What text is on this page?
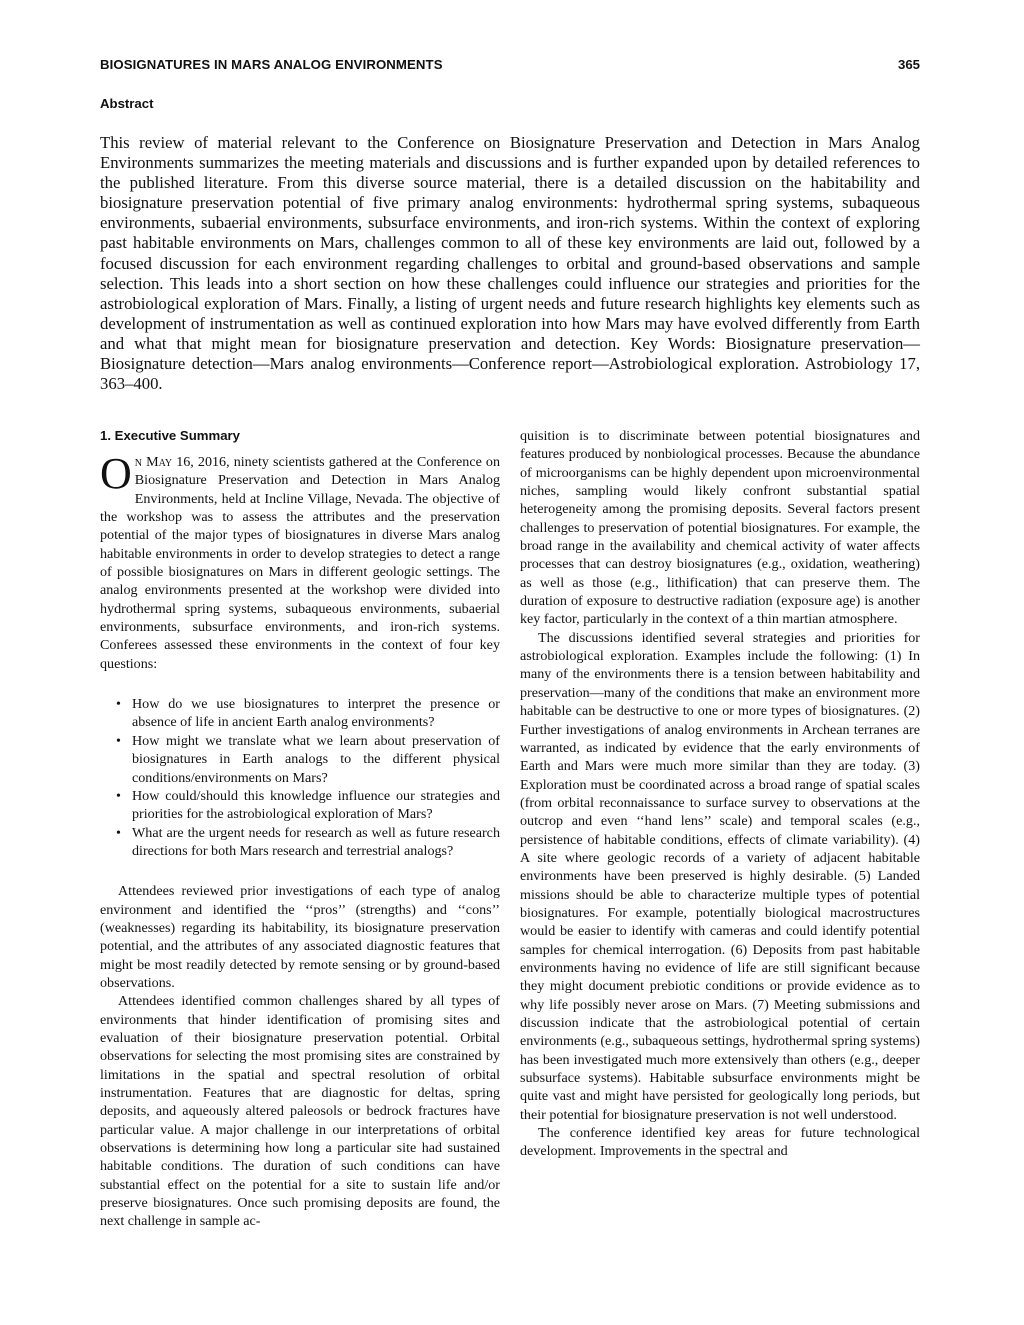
BIOSIGNATURES IN MARS ANALOG ENVIRONMENTS	365
Abstract
This review of material relevant to the Conference on Biosignature Preservation and Detection in Mars Analog Environments summarizes the meeting materials and discussions and is further expanded upon by detailed references to the published literature. From this diverse source material, there is a detailed discussion on the habitability and biosignature preservation potential of five primary analog environments: hydrothermal spring systems, subaqueous environments, subaerial environments, subsurface environments, and iron-rich systems. Within the context of exploring past habitable environments on Mars, challenges common to all of these key environments are laid out, followed by a focused discussion for each environment regarding challenges to orbital and ground-based observations and sample selection. This leads into a short section on how these challenges could influence our strategies and priorities for the astrobiological exploration of Mars. Finally, a listing of urgent needs and future research highlights key elements such as development of instrumentation as well as continued exploration into how Mars may have evolved differently from Earth and what that might mean for biosignature preservation and detection. Key Words: Biosignature preservation—Biosignature detection—Mars analog environments—Conference report—Astrobiological exploration. Astrobiology 17, 363–400.
1. Executive Summary

On May 16, 2016, ninety scientists gathered at the Conference on Biosignature Preservation and Detection in Mars Analog Environments, held at Incline Village, Nevada. The objective of the workshop was to assess the attributes and the preservation potential of the major types of biosignatures in diverse Mars analog habitable environments in order to develop strategies to detect a range of possible biosignatures on Mars in different geologic settings. The analog environments presented at the workshop were divided into hydrothermal spring systems, subaqueous environments, subaerial environments, subsurface environments, and iron-rich systems. Conferees assessed these environments in the context of four key questions:

• How do we use biosignatures to interpret the presence or absence of life in ancient Earth analog environments?
• How might we translate what we learn about preservation of biosignatures in Earth analogs to the different physical conditions/environments on Mars?
• How could/should this knowledge influence our strategies and priorities for the astrobiological exploration of Mars?
• What are the urgent needs for research as well as future research directions for both Mars research and terrestrial analogs?

Attendees reviewed prior investigations of each type of analog environment and identified the ‘‘pros’’ (strengths) and ‘‘cons’’ (weaknesses) regarding its habitability, its biosignature preservation potential, and the attributes of any associated diagnostic features that might be most readily detected by remote sensing or by ground-based observations.

Attendees identified common challenges shared by all types of environments that hinder identification of promising sites and evaluation of their biosignature preservation potential. Orbital observations for selecting the most promising sites are constrained by limitations in the spatial and spectral resolution of orbital instrumentation. Features that are diagnostic for deltas, spring deposits, and aqueously altered paleosols or bedrock fractures have particular value. A major challenge in our interpretations of orbital observations is determining how long a particular site had sustained habitable conditions. The duration of such conditions can have substantial effect on the potential for a site to sustain life and/or preserve biosignatures. Once such promising deposits are found, the next challenge in sample ac-

quisition is to discriminate between potential biosignatures and features produced by nonbiological processes. Because the abundance of microorganisms can be highly dependent upon microenvironmental niches, sampling would likely confront substantial spatial heterogeneity among the promising deposits. Several factors present challenges to preservation of potential biosignatures. For example, the broad range in the availability and chemical activity of water affects processes that can destroy biosignatures (e.g., oxidation, weathering) as well as those (e.g., lithification) that can preserve them. The duration of exposure to destructive radiation (exposure age) is another key factor, particularly in the context of a thin martian atmosphere.

The discussions identified several strategies and priorities for astrobiological exploration. Examples include the following: (1) In many of the environments there is a tension between habitability and preservation—many of the conditions that make an environment more habitable can be destructive to one or more types of biosignatures. (2) Further investigations of analog environments in Archean terranes are warranted, as indicated by evidence that the early environments of Earth and Mars were much more similar than they are today. (3) Exploration must be coordinated across a broad range of spatial scales (from orbital reconnaissance to surface survey to observations at the outcrop and even ‘‘hand lens’’ scale) and temporal scales (e.g., persistence of habitable conditions, effects of climate variability). (4) A site where geologic records of a variety of adjacent habitable environments have been preserved is highly desirable. (5) Landed missions should be able to characterize multiple types of potential biosignatures. For example, potentially biological macrostructures would be easier to identify with cameras and could identify potential samples for chemical interrogation. (6) Deposits from past habitable environments having no evidence of life are still significant because they might document prebiotic conditions or provide evidence as to why life possibly never arose on Mars. (7) Meeting submissions and discussion indicate that the astrobiological potential of certain environments (e.g., subaqueous settings, hydrothermal spring systems) has been investigated much more extensively than others (e.g., deeper subsurface systems). Habitable subsurface environments might be quite vast and might have persisted for geologically long periods, but their potential for biosignature preservation is not well understood.

The conference identified key areas for future technological development. Improvements in the spectral and
